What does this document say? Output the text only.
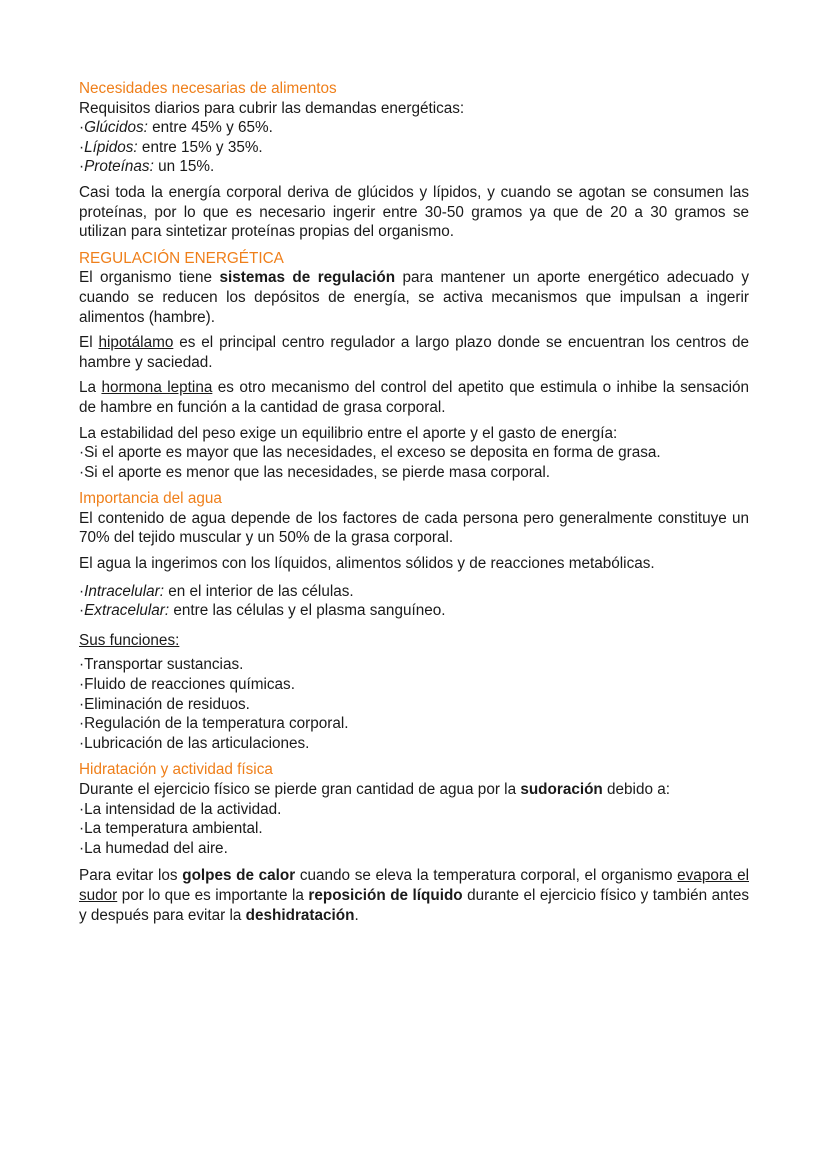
Necesidades necesarias de alimentos

Requisitos diarios para cubrir las demandas energéticas:

·Glúcidos: entre 45% y 65%.
·Lípidos: entre 15% y 35%.
·Proteínas: un 15%.

Casi toda la energía corporal deriva de glúcidos y lípidos, y cuando se agotan se consumen las proteínas, por lo que es necesario ingerir entre 30-50 gramos ya que de 20 a 30 gramos se utilizan para sintetizar proteínas propias del organismo.

REGULACIÓN ENERGÉTICA

El organismo tiene sistemas de regulación para mantener un aporte energético adecuado y cuando se reducen los depósitos de energía, se activa mecanismos que impulsan a ingerir alimentos (hambre).

El hipotálamo es el principal centro regulador a largo plazo donde se encuentran los centros de hambre y saciedad.

La hormona leptina es otro mecanismo del control del apetito que estimula o inhibe la sensación de hambre en función a la cantidad de grasa corporal.

La estabilidad del peso exige un equilibrio entre el aporte y el gasto de energía:

·Si el aporte es mayor que las necesidades, el exceso se deposita en forma de grasa.
·Si el aporte es menor que las necesidades, se pierde masa corporal.
Importancia del agua

El contenido de agua depende de los factores de cada persona pero generalmente constituye un 70% del tejido muscular y un 50% de la grasa corporal.

El agua la ingerimos con los líquidos, alimentos sólidos y de reacciones metabólicas.

·Intracelular: en el interior de las células.
·Extracelular: entre las células y el plasma sanguíneo.

Sus funciones:

·Transportar sustancias.
·Fluido de reacciones químicas.
·Eliminación de residuos.
·Regulación de la temperatura corporal.
·Lubricación de las articulaciones.
Hidratación y actividad física

Durante el ejercicio físico se pierde gran cantidad de agua por la sudoración debido a:

·La intensidad de la actividad.
·La temperatura ambiental.
·La humedad del aire.

Para evitar los golpes de calor cuando se eleva la temperatura corporal, el organismo evapora el sudor por lo que es importante la reposición de líquido durante el ejercicio físico y también antes y después para evitar la deshidratación.
